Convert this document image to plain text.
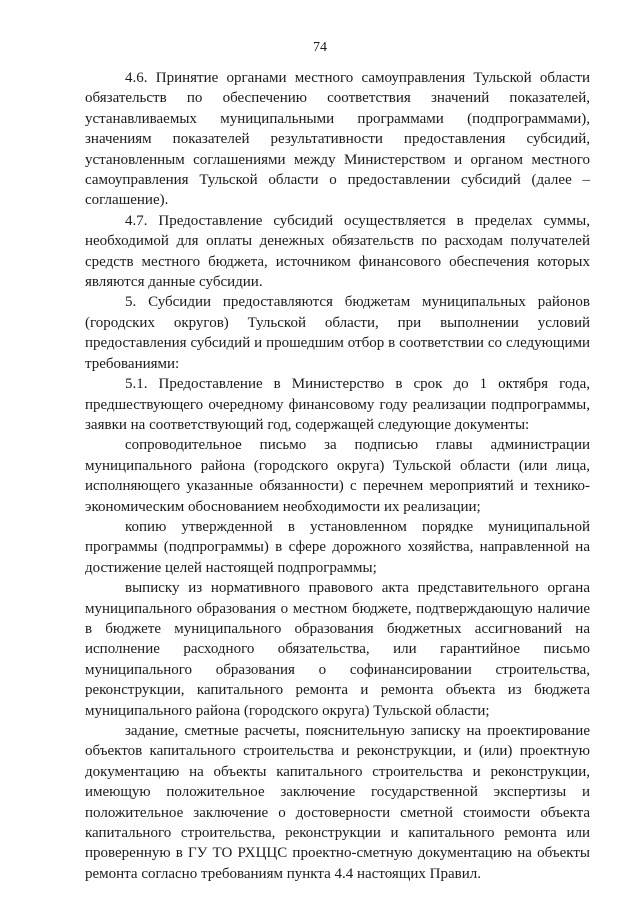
74

4.6. Принятие органами местного самоуправления Тульской области обязательств по обеспечению соответствия значений показателей, устанавливаемых муниципальными программами (подпрограммами), значениям показателей результативности предоставления субсидий, установленным соглашениями между Министерством и органом местного самоуправления Тульской области о предоставлении субсидий (далее – соглашение).

4.7. Предоставление субсидий осуществляется в пределах суммы, необходимой для оплаты денежных обязательств по расходам получателей средств местного бюджета, источником финансового обеспечения которых являются данные субсидии.

5. Субсидии предоставляются бюджетам муниципальных районов (городских округов) Тульской области, при выполнении условий предоставления субсидий и прошедшим отбор в соответствии со следующими требованиями:

5.1. Предоставление в Министерство в срок до 1 октября года, предшествующего очередному финансовому году реализации подпрограммы, заявки на соответствующий год, содержащей следующие документы:

сопроводительное письмо за подписью главы администрации муниципального района (городского округа) Тульской области (или лица, исполняющего указанные обязанности) с перечнем мероприятий и технико-экономическим обоснованием необходимости их реализации;

копию утвержденной в установленном порядке муниципальной программы (подпрограммы) в сфере дорожного хозяйства, направленной на достижение целей настоящей подпрограммы;

выписку из нормативного правового акта представительного органа муниципального образования о местном бюджете, подтверждающую наличие в бюджете муниципального образования бюджетных ассигнований на исполнение расходного обязательства, или гарантийное письмо муниципального образования о софинансировании строительства, реконструкции, капитального ремонта и ремонта объекта из бюджета муниципального района (городского округа) Тульской области;

задание, сметные расчеты, пояснительную записку на проектирование объектов капитального строительства и реконструкции, и (или) проектную документацию на объекты капитального строительства и реконструкции, имеющую положительное заключение государственной экспертизы и положительное заключение о достоверности сметной стоимости объекта капитального строительства, реконструкции и капитального ремонта или проверенную в ГУ ТО РХЦЦС проектно-сметную документацию на объекты ремонта согласно требованиям пункта 4.4 настоящих Правил.
